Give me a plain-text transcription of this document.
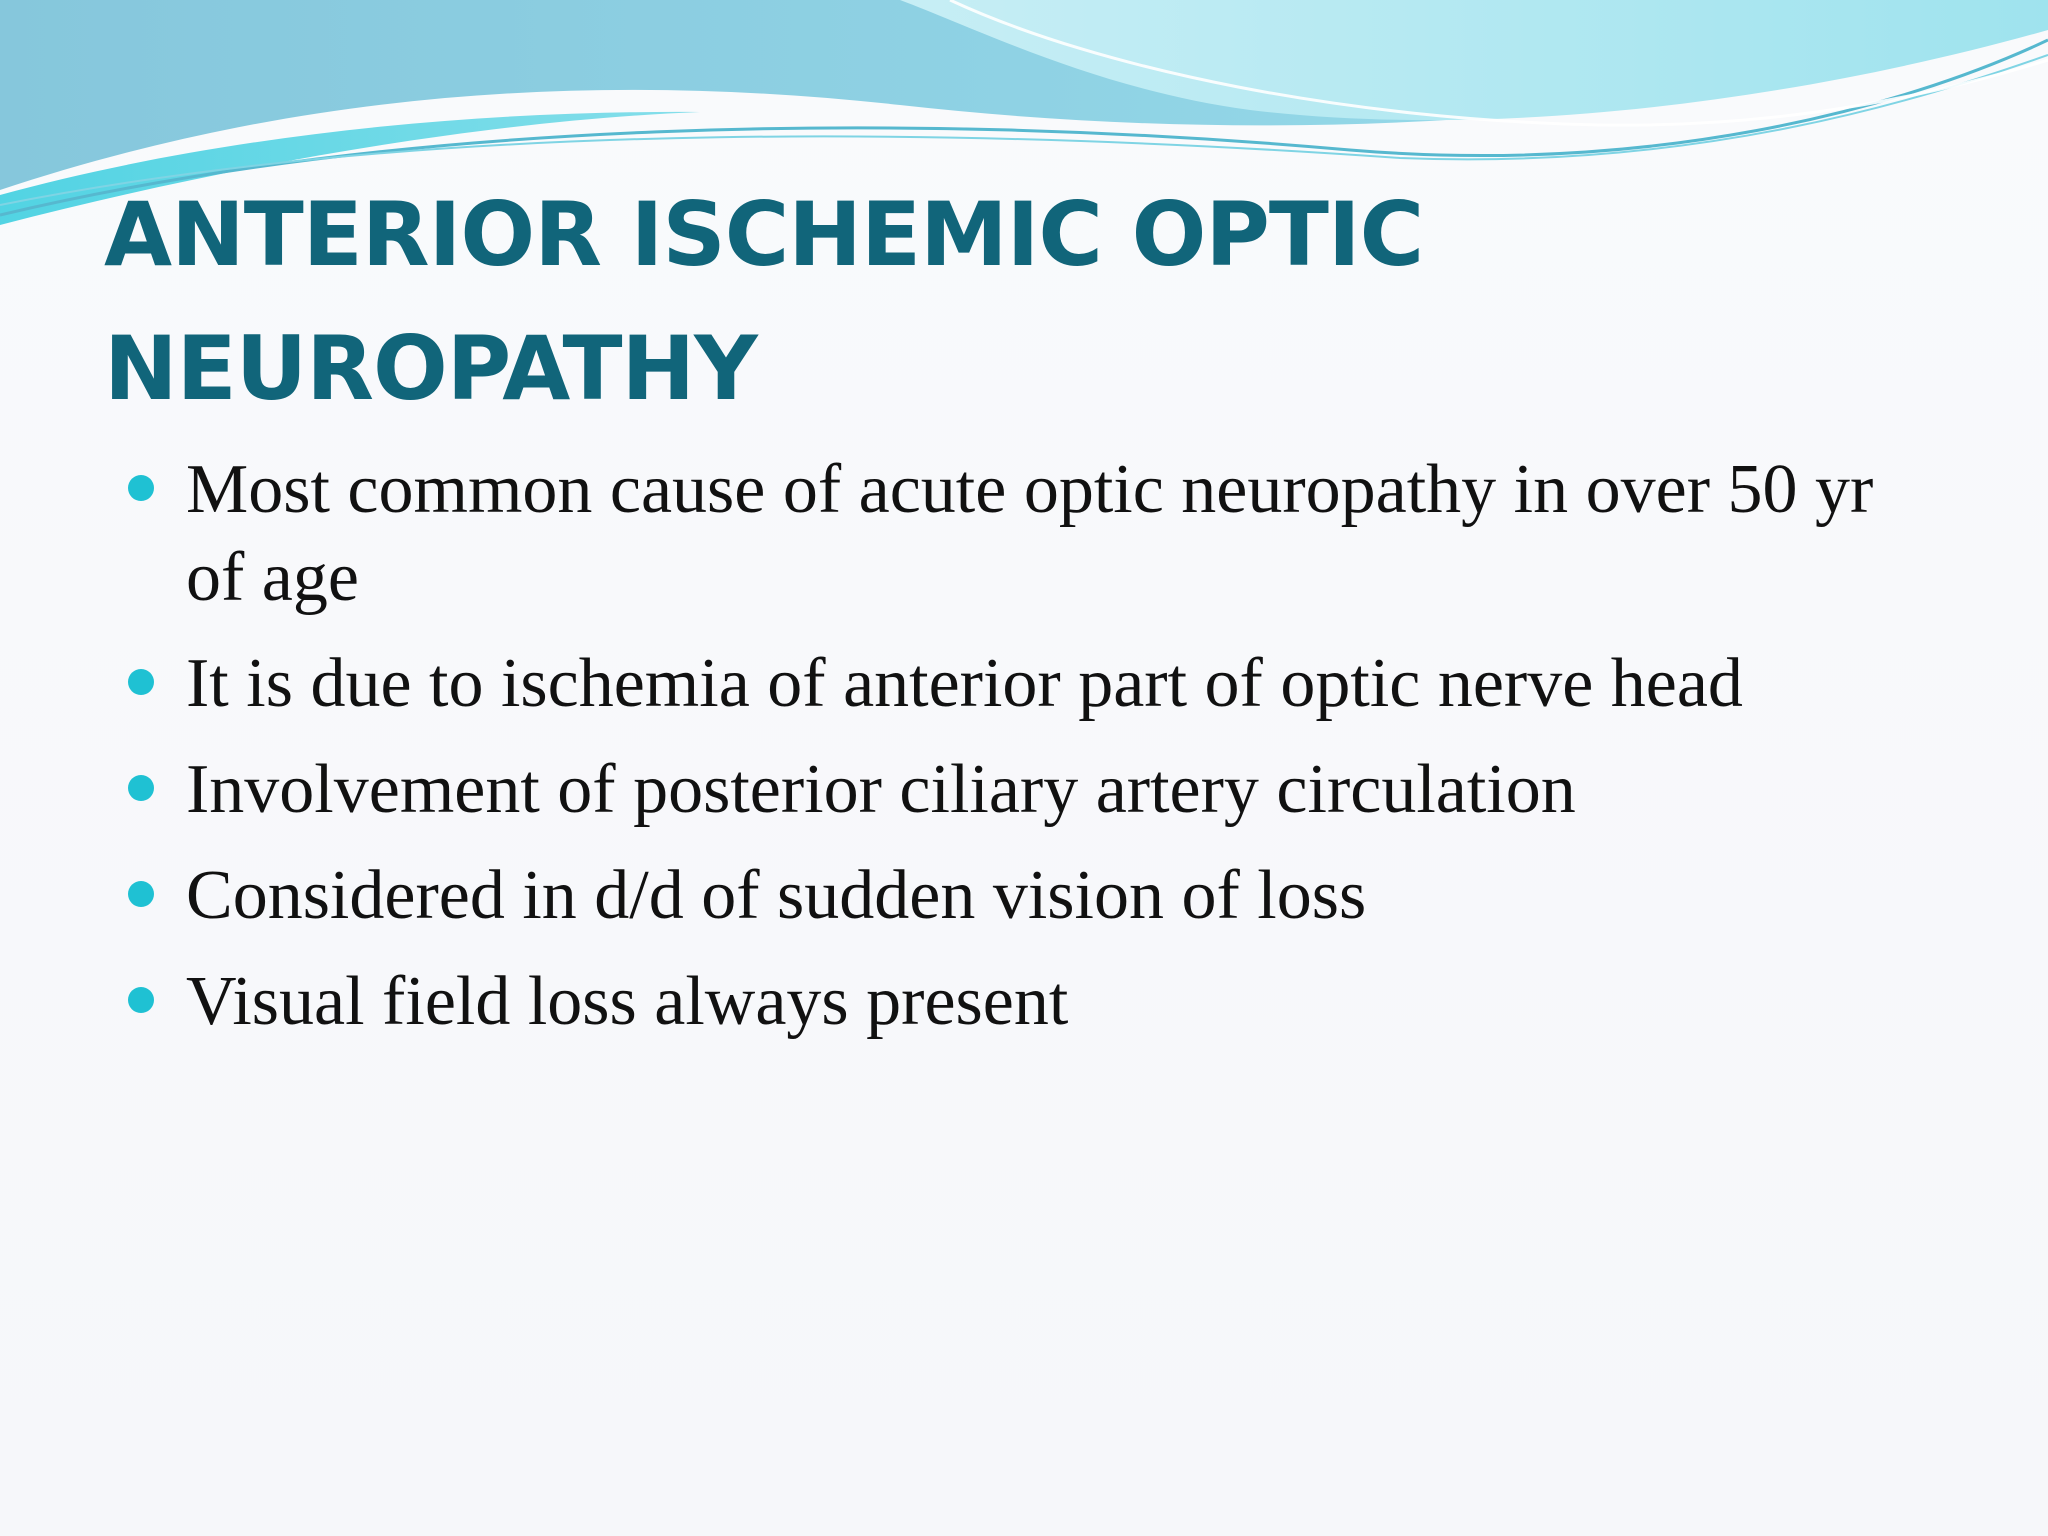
ANTERIOR ISCHEMIC OPTIC NEUROPATHY
Most common cause of acute optic neuropathy in over 50 yr of age
It is due to ischemia of anterior part of optic nerve head
Involvement of posterior ciliary artery circulation
Considered in d/d of sudden vision of loss
Visual field loss always present
